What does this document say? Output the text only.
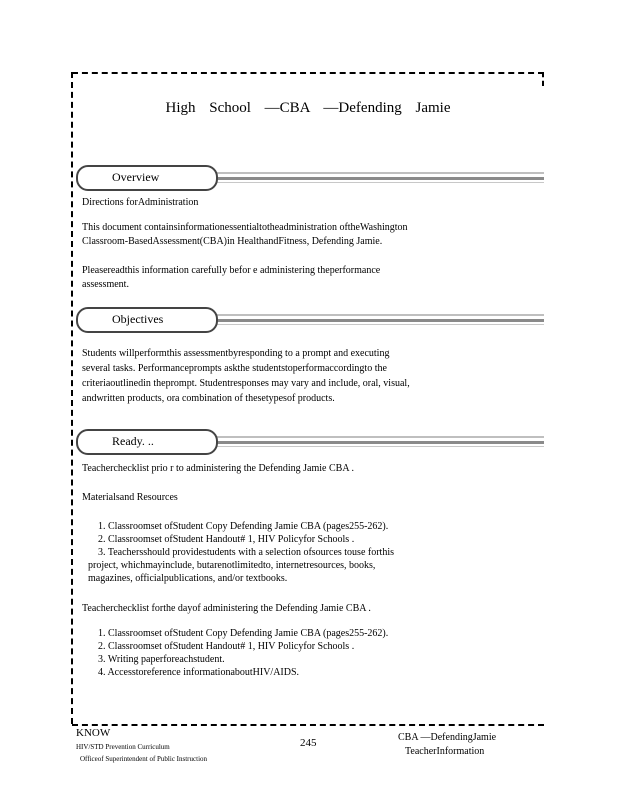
High School —CBA —Defending Jamie
Overview
Directions forAdministration
This document containsinformationessentialtotheadministration oftheWashington
Classroom-BasedAssessment(CBA)in HealthandFitness, Defending Jamie.
Pleasereadthis information carefully befor e administering theperformance
assessment.
Objectives
Students willperformthis assessmentbyresponding to a prompt and executing
several tasks. Performanceprompts askthe studentstoperformaccordingto the
criteriaoutlinedin theprompt. Studentresponses may vary and include, oral, visual,
andwritten products, ora combination of thesetypesof products.
Ready. ..
Teacherchecklist prio r to administering the Defending Jamie CBA .
Materialsand Resources
1. Classroomset ofStudent Copy Defending Jamie CBA (pages255-262).
2. Classroomset ofStudent Handout# 1, HIV Policyfor Schools .
3. Teachersshould providestudents with a selection ofsources touse forthis
project, whichmayinclude, butarenotlimitedto, internetresources, books,
magazines, officialpublications, and/or textbooks.
Teacherchecklist forthe dayof administering the Defending Jamie CBA .
1. Classroomset ofStudent Copy Defending Jamie CBA (pages255-262).
2. Classroomset ofStudent Handout# 1, HIV Policyfor Schools .
3. Writing paperforeachstudent.
4. Accesstoreference informationaboutHIV/AIDS.
KNOW
HIV/STD Prevention Curriculum
Officeof Superintendent of Public Instruction
245	CBA —DefendingJamie
TeacherInformation
